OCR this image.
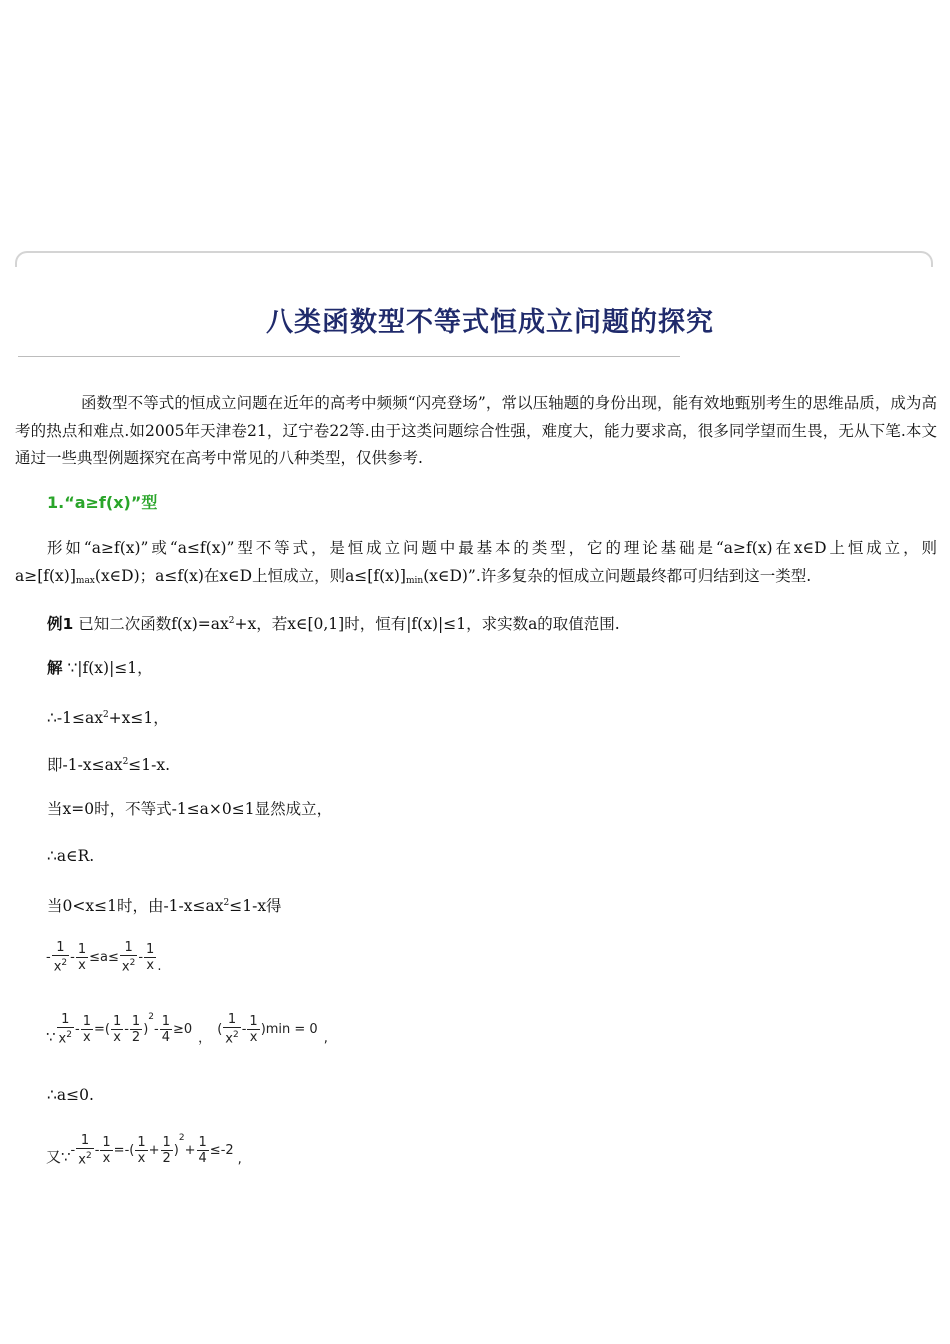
八类函数型不等式恒成立问题的探究
函数型不等式的恒成立问题在近年的高考中频频“闪亮登场”，常以压轴题的身份出现，能有效地甄别考生的思维品质，成为高考的热点和难点.如2005年天津卷21，辽宁卷22等.由于这类问题综合性强，难度大，能力要求高，很多同学望而生畏，无从下笔.本文通过一些典型例题探究在高考中常见的八种类型，仅供参考.
1.“a≥f(x)”型
形如“a≥f(x)”或“a≤f(x)”型不等式，是恒成立问题中最基本的类型，它的理论基础是“a≥f(x)在x∈D上恒成立，则$a\ge[f(x)]_{max}(x\in D)$；a≤f(x)在x∈D上恒成立，则$a\le[f(x)]_{min}(x\in D)$”.许多复杂的恒成立问题最终都可归结到这一类型.
例1 已知二次函数$f(x)=ax^2+x$，若x∈[0,1]时，恒有|f(x)|≤1，求实数a的取值范围.
解 ∵|f(x)|≤1，
$\therefore-1\le ax^2+x\le 1$，
即$-1-x\le ax^2\le 1-x$.
当x=0时，不等式-1≤a×0≤1显然成立，
∴a∈R.
当0<x≤1时，由$-1-x\le ax^2\le 1-x$得
- $\frac{1}{x^2} - \frac{1}{x} \le a\le \frac{1}{x^2} - \frac{1}{x}$ .
∵ $\frac{1}{x^2} - \frac{1}{x}$ =( $\frac{1}{x} - \frac{1}{2}$ )
$^2$
- $\frac{1}{4} \ge 0$
，
( $\frac{1}{x^2} - \frac{1}{x} )\min = 0$
,
∴a≤0.
又∵ - $\frac{1}{x^2} - \frac{1}{x}$ =-( $\frac{1}{x} + \frac{1}{2}$ )
$^2$
+ $\frac{1}{4} \le-2$
,
